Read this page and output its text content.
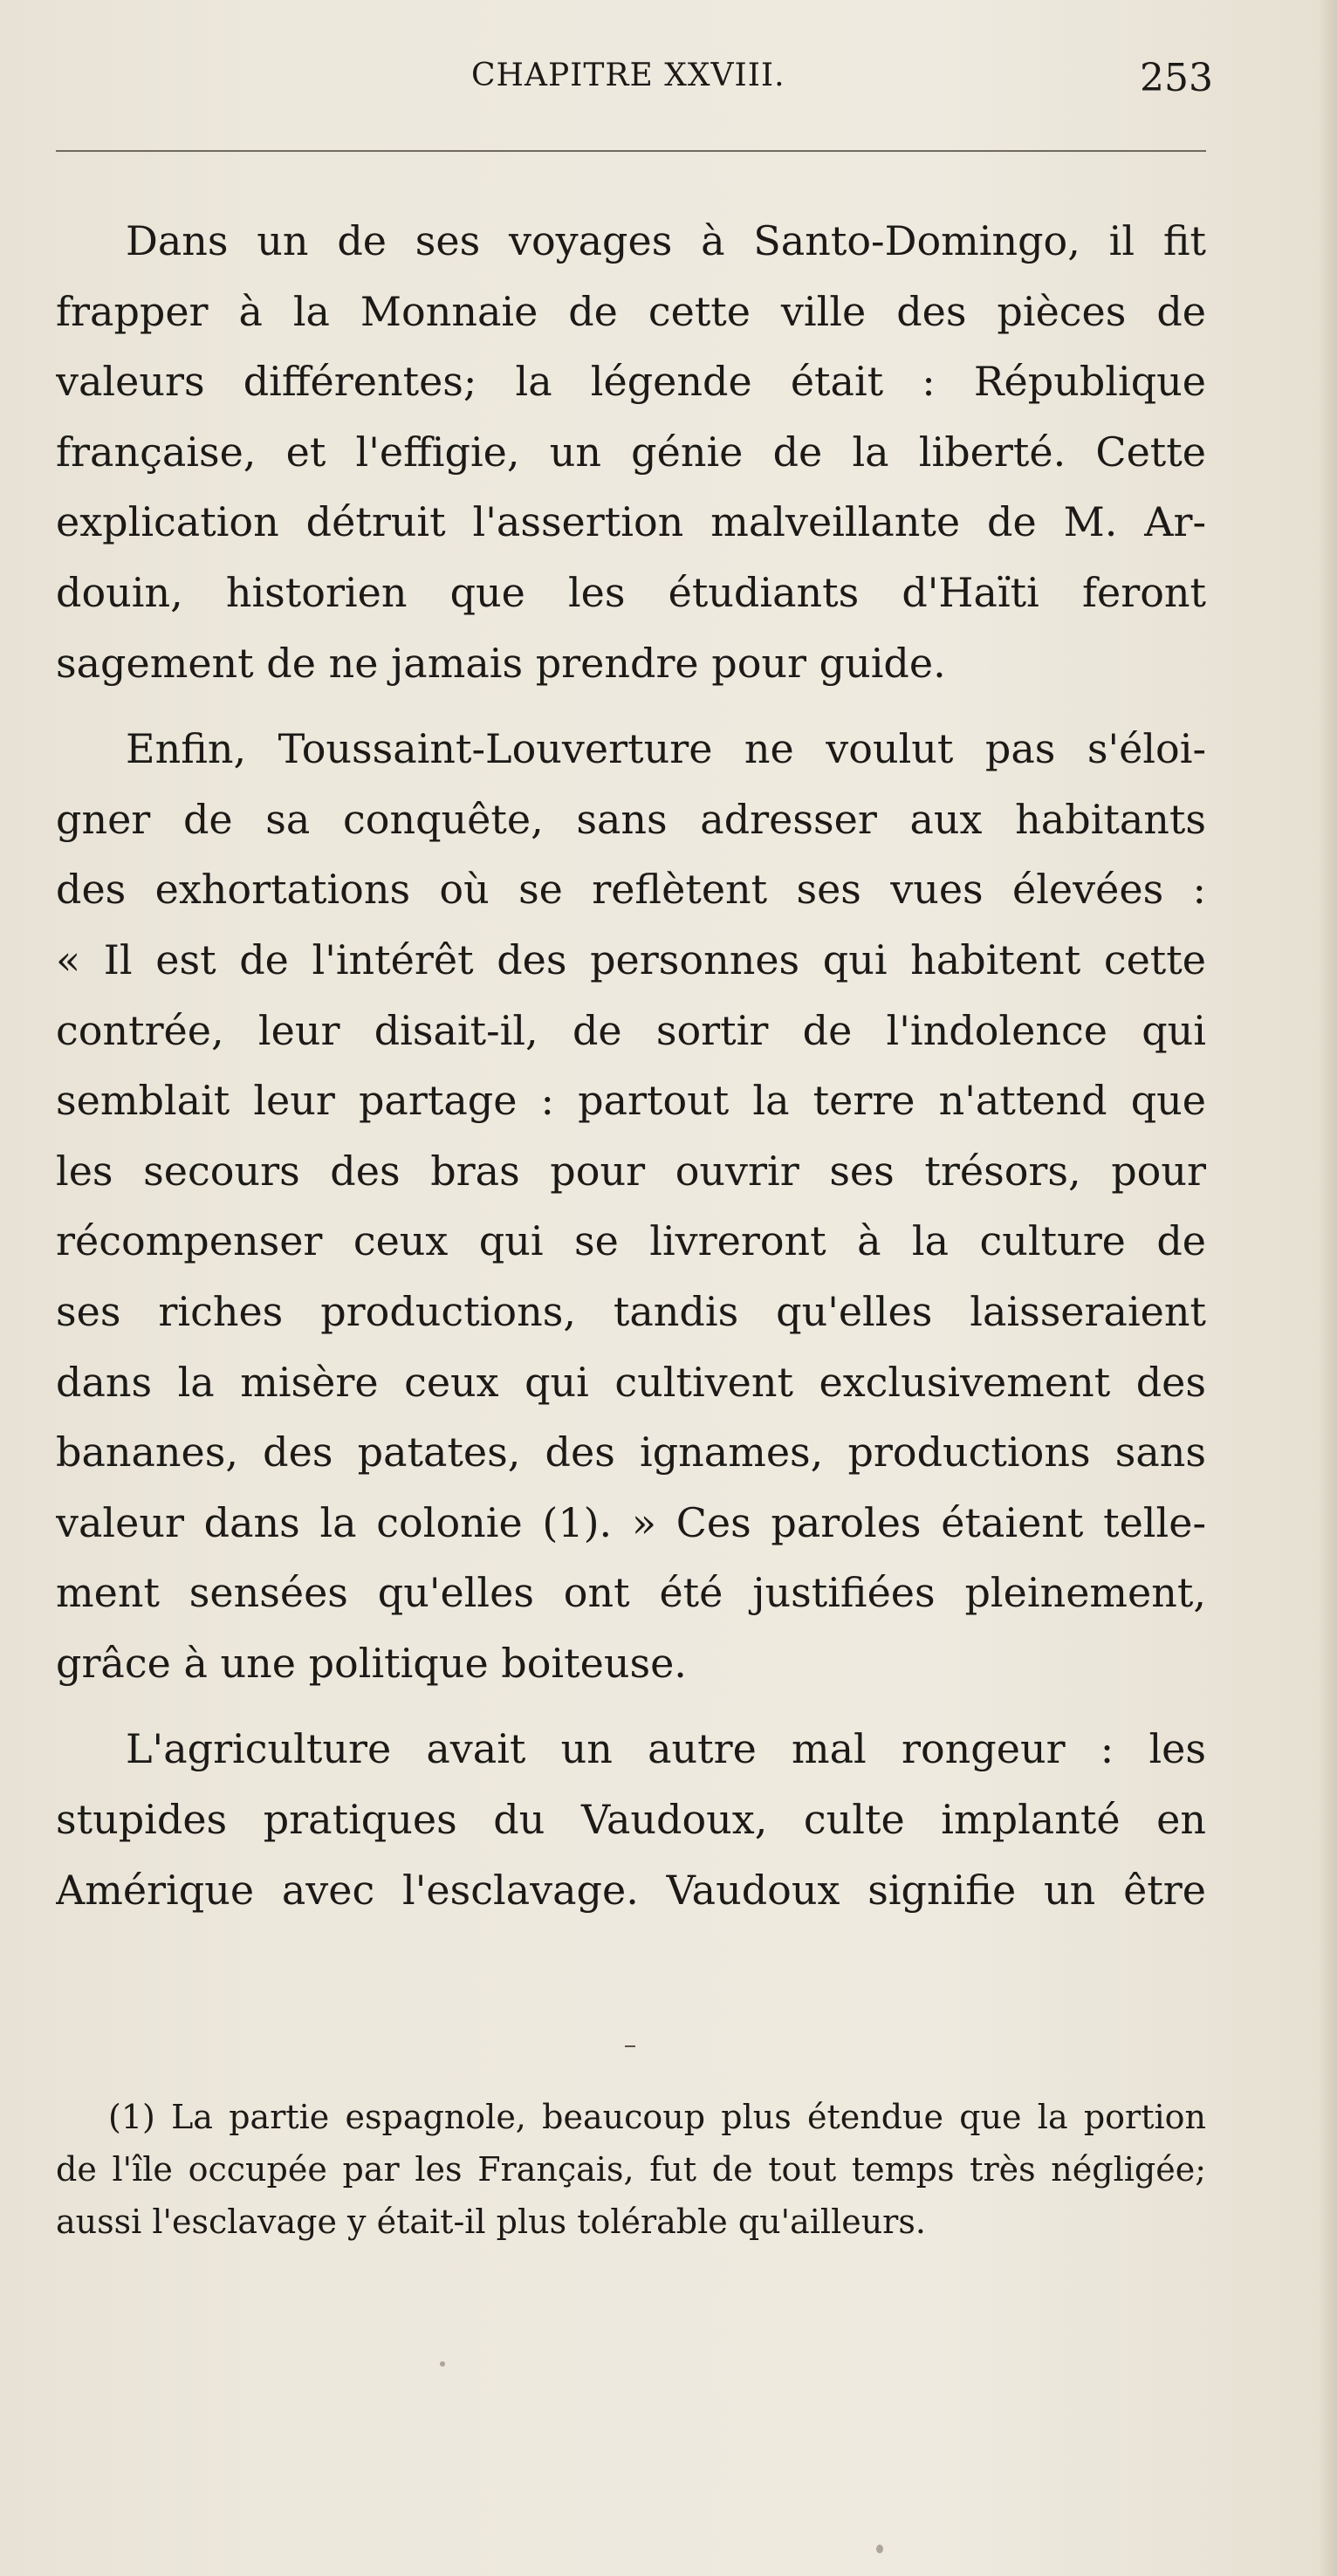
CHAPITRE XXVIII.	253

Dans un de ses voyages à Santo-Domingo, il fit
frapper à la Monnaie de cette ville des pièces de
valeurs différentes; la légende était : République
française, et l'effigie, un génie de la liberté. Cette
explication détruit l'assertion malveillante de M. Ar-
douin, historien que les étudiants d'Haïti feront
sagement de ne jamais prendre pour guide.

Enfin, Toussaint-Louverture ne voulut pas s'éloi-
gner de sa conquête, sans adresser aux habitants
des exhortations où se reflètent ses vues élevées :
« Il est de l'intérêt des personnes qui habitent cette
contrée, leur disait-il, de sortir de l'indolence qui
semblait leur partage : partout la terre n'attend que
les secours des bras pour ouvrir ses trésors, pour
récompenser ceux qui se livreront à la culture de
ses riches productions, tandis qu'elles laisseraient
dans la misère ceux qui cultivent exclusivement des
bananes, des patates, des ignames, productions sans
valeur dans la colonie (1). » Ces paroles étaient telle-
ment sensées qu'elles ont été justifiées pleinement,
grâce à une politique boiteuse.

L'agriculture avait un autre mal rongeur : les
stupides pratiques du Vaudoux, culte implanté en
Amérique avec l'esclavage. Vaudoux signifie un être

(1) La partie espagnole, beaucoup plus étendue que la portion
de l'île occupée par les Français, fut de tout temps très négligée;
aussi l'esclavage y était-il plus tolérable qu'ailleurs.
